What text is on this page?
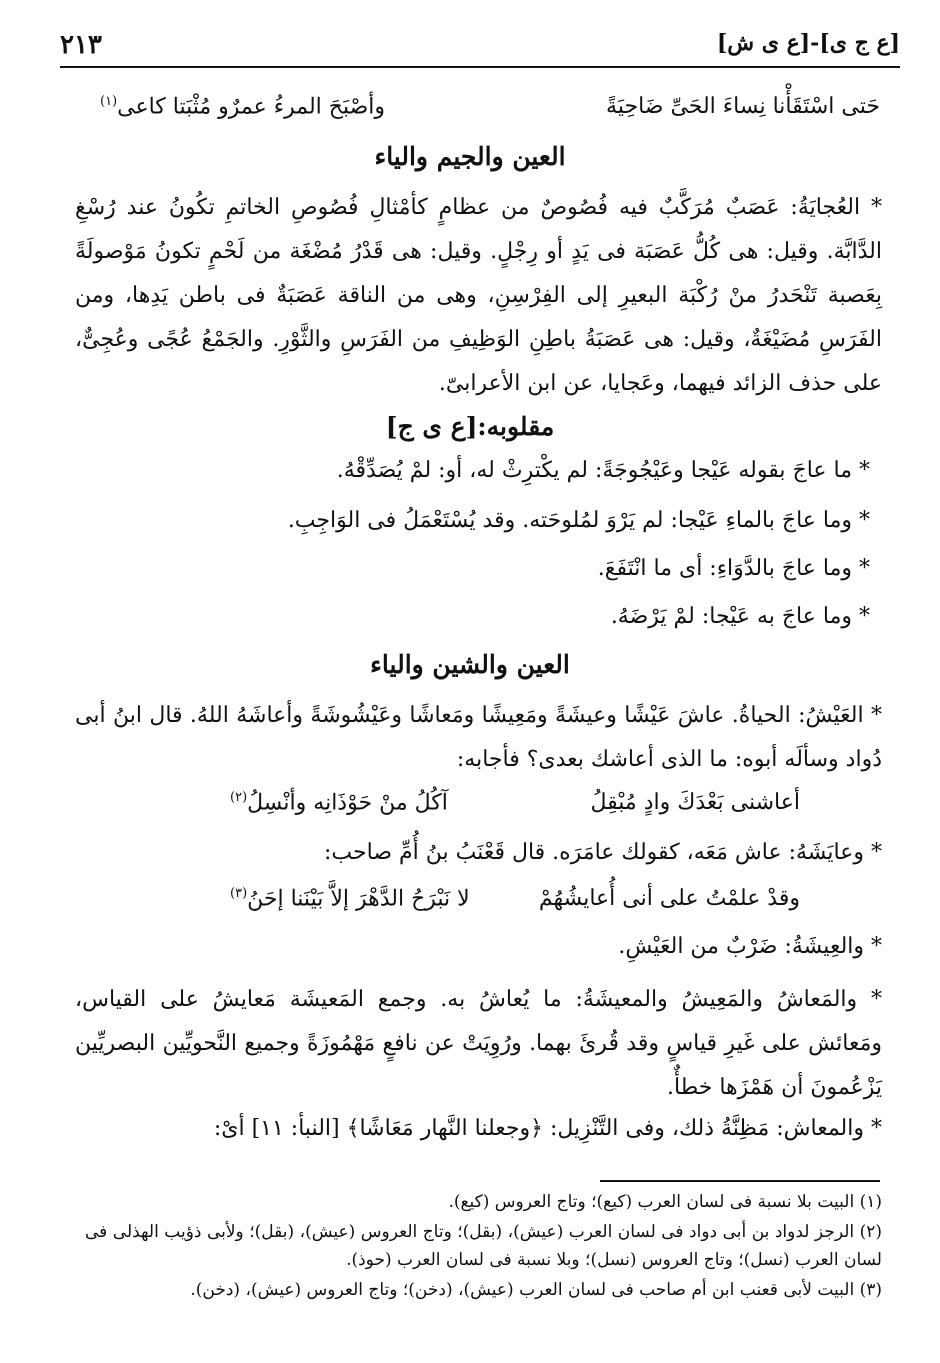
[ع ج ى]-[ع ى ش]
٢١٣
حَتى اسْتَقَأْنا نِساءَ الحَىِّ ضَاحِيَةً
وأصْبَحَ المرءُ عمرٌو مُثْبَتا كاعى$^{(١)}$
العين والجيم والياء
* العُجايَةُ: عَصَبٌ مُرَكَّبٌ فيه فُصُوصٌ من عظامٍ كأمْثالِ فُصُوصِ الخاتمِ تكُونُ عند رُسْغِ الدَّابَّة. وقيل: هى كُلُّ عَصَبَة فى يَدٍ أو رِجْلٍ. وقيل: هى قَدْرُ مُضْغَة من لَحْمٍ تكونُ مَوْصولَةً بِعَصبة تَنْحَدرُ منْ رُكْبَة البعيرِ إلى الفِرْسِنِ، وهى من الناقة عَصَبَةٌ فى باطن يَدِها، ومن الفَرَسِ مُضَيْغَةٌ، وقيل: هى عَصَبَةُ باطِنِ الوَظِيفِ من الفَرَسِ والثَّوْرِ. والجَمْعُ عُجًى وعُجِىٌّ، على حذف الزائد فيهما، وعَجايا، عن ابن الأعرابىّ.
مقلوبه:[ع ى ج]
* ما عاجَ بقوله عَيْجا وعَيْجُوجَةً: لم يكْترِثْ له، أو: لمْ يُصَدِّقْهُ.
* وما عاجَ بالماءِ عَيْجا: لم يَرْوَ لمُلوحَته. وقد يُسْتَعْمَلُ فى الوَاجِبِ.
* وما عاجَ بالدَّوَاءِ: أى ما انْتَفَعَ.
* وما عاجَ به عَيْجا: لمْ يَرْضَهُ.
العين والشين والياء
* العَيْشُ: الحياةُ. عاشَ عَيْشًا وعيشَةً ومَعِيشًا ومَعاشًا وعَيْشُوشَةً وأعاشَهُ اللهُ. قال ابنُ أبى دُواد وسألَه أبوه: ما الذى أعاشك بعدى؟ فأجابه:
أعاشنى بَعْدَكَ وادٍ مُبْقِلُ
آكُلُ منْ حَوْذَانِه وأنْسِلُ$^{(٢)}$
* وعايَشَهُ: عاش مَعَه، كقولك عامَرَه. قال قَعْنَبُ بنُ أُمِّ صاحب:
وقدْ علمْتُ على أنى أُعايشُهُمْ
لا نَبْرَحُ الدَّهْرَ إلاَّ بَيْنَنا إحَنُ$^{(٣)}$
* والعِيشَةُ: ضَرْبٌ من العَيْشِ.
* والمَعاشُ والمَعِيشُ والمعيشَةُ: ما يُعاشُ به. وجمع المَعيشَة مَعايشُ على القياس، ومَعائش على غَيرِ قياسٍ وقد قُرئَ بهما. ورُوِيَتْ عن نافعٍ مَهْمُوزَةً وجميع النَّحويِّين البصريِّين يَزْعُمونَ أن هَمْزَها خطأٌ.
* والمعاش: مَظِنَّةُ ذلك، وفى التَّنْزِيل: ﴿وجعلنا النَّهار مَعَاشًا﴾ [النبأ: ١١] أىْ:
(١) البيت بلا نسبة فى لسان العرب (كيع)؛ وتاج العروس (كيع).
(٢) الرجز لدواد بن أبى دواد فى لسان العرب (عيش)، (بقل)؛ وتاج العروس (عيش)، (بقل)؛ ولأبى ذؤيب الهذلى فى لسان العرب (نسل)؛ وتاج العروس (نسل)؛ وبلا نسبة فى لسان العرب (حوذ).
(٣) البيت لأبى قعنب ابن أم صاحب فى لسان العرب (عيش)، (دخن)؛ وتاج العروس (عيش)، (دخن).
